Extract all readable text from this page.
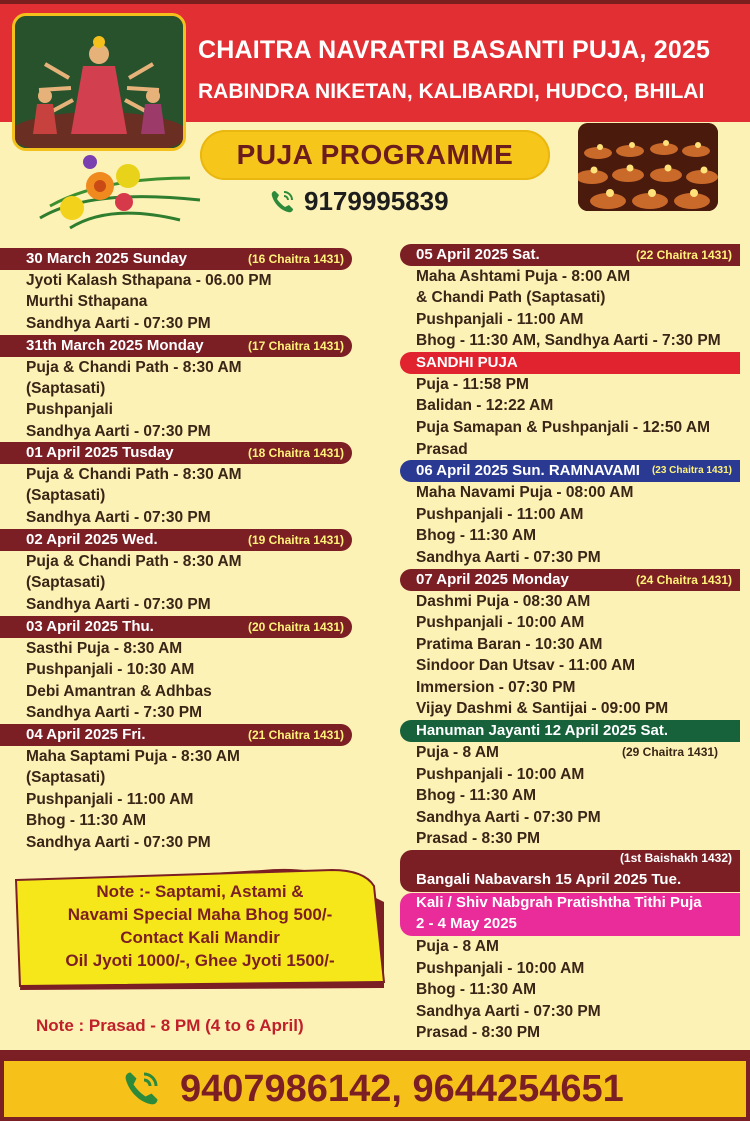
CHAITRA NAVRATRI BASANTI PUJA, 2025
RABINDRA NIKETAN, KALIBARDI, HUDCO, BHILAI
PUJA PROGRAMME
9179995839
30 March 2025 Sunday	(16 Chaitra 1431)
Jyoti Kalash Sthapana - 06.00 PM
Murthi Sthapana
Sandhya Aarti - 07:30 PM
31th March 2025 Monday	(17 Chaitra 1431)
Puja & Chandi Path - 8:30 AM
(Saptasati)
Pushpanjali
Sandhya Aarti - 07:30 PM
01 April 2025 Tusday	(18 Chaitra 1431)
Puja & Chandi Path - 8:30 AM
(Saptasati)
Sandhya Aarti - 07:30 PM
02 April 2025 Wed.	(19 Chaitra 1431)
Puja & Chandi Path - 8:30 AM
(Saptasati)
Sandhya Aarti - 07:30 PM
03 April 2025 Thu.	(20 Chaitra 1431)
Sasthi Puja - 8:30 AM
Pushpanjali - 10:30 AM
Debi Amantran & Adhbas
Sandhya Aarti - 7:30 PM
04 April 2025 Fri.	(21 Chaitra 1431)
Maha Saptami Puja - 8:30 AM
(Saptasati)
Pushpanjali - 11:00 AM
Bhog - 11:30 AM
Sandhya Aarti - 07:30 PM
Note :- Saptami, Astami &
Navami Special Maha Bhog 500/-
Contact Kali Mandir
Oil Jyoti 1000/-, Ghee Jyoti 1500/-
Note : Prasad - 8 PM (4 to 6 April)
05 April 2025 Sat.	(22 Chaitra 1431)
Maha Ashtami Puja - 8:00 AM
& Chandi Path (Saptasati)
Pushpanjali - 11:00 AM
Bhog - 11:30 AM, Sandhya Aarti - 7:30 PM
SANDHI PUJA
Puja - 11:58 PM
Balidan - 12:22 AM
Puja Samapan & Pushpanjali - 12:50 AM
Prasad
06 April 2025 Sun. RAMNAVAMI (23 Chaitra 1431)
Maha Navami Puja - 08:00 AM
Pushpanjali - 11:00 AM
Bhog - 11:30 AM
Sandhya Aarti - 07:30 PM
07 April 2025 Monday	(24 Chaitra 1431)
Dashmi Puja - 08:30 AM
Pushpanjali - 10:00 AM
Pratima Baran - 10:30 AM
Sindoor Dan Utsav - 11:00 AM
Immersion - 07:30 PM
Vijay Dashmi & Santijai - 09:00 PM
Hanuman Jayanti 12 April 2025 Sat.
(29 Chaitra 1431)
Puja - 8 AM
Pushpanjali - 10:00 AM
Bhog - 11:30 AM
Sandhya Aarti - 07:30 PM
Prasad - 8:30 PM
(1st Baishakh 1432)
Bangali Nabavarsh 15 April 2025 Tue.
Kali / Shiv Nabgrah Pratishtha Tithi Puja
2 - 4 May 2025
Puja - 8 AM
Pushpanjali - 10:00 AM
Bhog - 11:30 AM
Sandhya Aarti - 07:30 PM
Prasad - 8:30 PM
9407986142, 9644254651
